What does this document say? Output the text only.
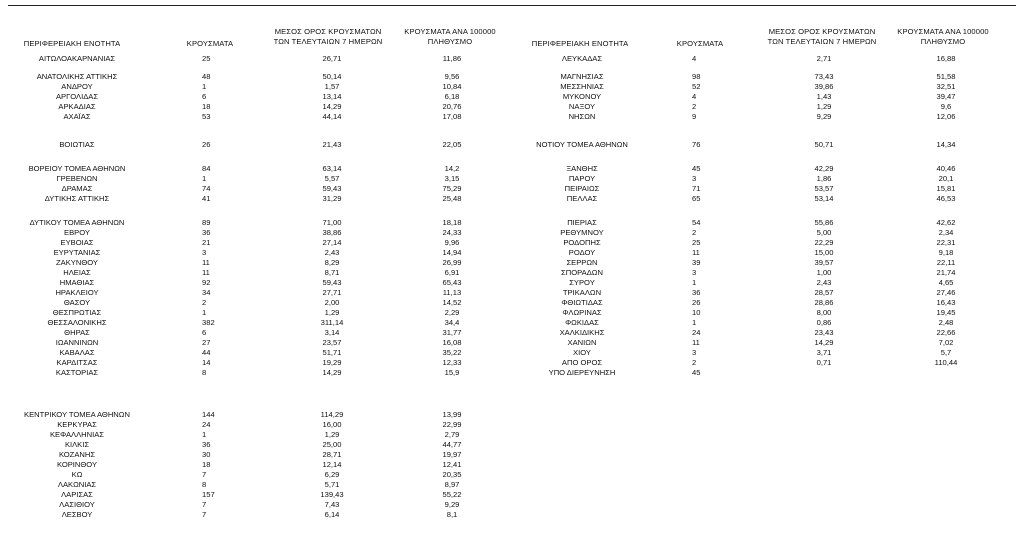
ΠΕΡΙΦΕΡΕΙΑΚΗ ΕΝΟΤΗΤΑ	ΚΡΟΥΣΜΑΤΑ
ΜΕΣΟΣ ΟΡΟΣ ΚΡΟΥΣΜΑΤΩΝ
ΤΩΝ ΤΕΛΕΥΤΑΙΩΝ 7 ΗΜΕΡΩΝ
ΚΡΟΥΣΜΑΤΑ ΑΝΑ 100000
ΠΛΗΘΥΣΜΟ	ΠΕΡΙΦΕΡΕΙΑΚΗ ΕΝΟΤΗΤΑ	ΚΡΟΥΣΜΑΤΑ
ΜΕΣΟΣ ΟΡΟΣ ΚΡΟΥΣΜΑΤΩΝ
ΤΩΝ ΤΕΛΕΥΤΑΙΩΝ 7 ΗΜΕΡΩΝ
ΚΡΟΥΣΜΑΤΑ ΑΝΑ 100000
ΠΛΗΘΥΣΜΟ
ΑΙΤΩΛΟΑΚΑΡΝΑΝΙΑΣ	25	26,71	11,86
ΑΝΑΤΟΛΙΚΗΣ ΑΤΤΙΚΗΣ	48	50,14	9,56
ΑΝΔΡΟΥ	1	1,57	10,84
ΑΡΓΟΛΙΔΑΣ	6	13,14	6,18
ΑΡΚΑΔΙΑΣ	18	14,29	20,76
ΑΧΑΪΑΣ	53	44,14	17,08
ΒΟΙΩΤΙΑΣ	26	21,43	22,05
ΒΟΡΕΙΟΥ ΤΟΜΕΑ ΑΘΗΝΩΝ	84	63,14	14,2
ΓΡΕΒΕΝΩΝ	1	5,57	3,15
ΔΡΑΜΑΣ	74	59,43	75,29
ΔΥΤΙΚΗΣ ΑΤΤΙΚΗΣ	41	31,29	25,48
ΔΥΤΙΚΟΥ ΤΟΜΕΑ ΑΘΗΝΩΝ	89	71,00	18,18
ΕΒΡΟΥ	36	38,86	24,33
ΕΥΒΟΙΑΣ	21	27,14	9,96
ΕΥΡΥΤΑΝΙΑΣ	3	2,43	14,94
ΖΑΚΥΝΘΟΥ	11	8,29	26,99
ΗΛΕΙΑΣ	11	8,71	6,91
ΗΜΑΘΙΑΣ	92	59,43	65,43
ΗΡΑΚΛΕΙΟΥ	34	27,71	11,13
ΘΑΣΟΥ	2	2,00	14,52
ΘΕΣΠΡΩΤΙΑΣ	1	1,29	2,29
ΘΕΣΣΑΛΟΝΙΚΗΣ	382	311,14	34,4
ΘΗΡΑΣ	6	3,14	31,77
ΙΩΑΝΝΙΝΩΝ	27	23,57	16,08
ΚΑΒΑΛΑΣ	44	51,71	35,22
ΚΑΡΔΙΤΣΑΣ	14	19,29	12,33
ΚΑΣΤΟΡΙΑΣ	8	14,29	15,9
ΚΕΝΤΡΙΚΟΥ ΤΟΜΕΑ ΑΘΗΝΩΝ	144	114,29	13,99
ΚΕΡΚΥΡΑΣ	24	16,00	22,99
ΚΕΦΑΛΛΗΝΙΑΣ	1	1,29	2,79
ΚΙΛΚΙΣ	36	25,00	44,77
ΚΟΖΑΝΗΣ	30	28,71	19,97
ΚΟΡΙΝΘΟΥ	18	12,14	12,41
ΚΩ	7	6,29	20,35
ΛΑΚΩΝΙΑΣ	8	5,71	8,97
ΛΑΡΙΣΑΣ	157	139,43	55,22
ΛΑΣΙΘΙΟΥ	7	7,43	9,29
ΛΕΣΒΟΥ	7	6,14	8,1
ΛΕΥΚΑΔΑΣ	4	2,71	16,88
ΜΑΓΝΗΣΙΑΣ	98	73,43	51,58
ΜΕΣΣΗΝΙΑΣ	52	39,86	32,51
ΜΥΚΟΝΟΥ	4	1,43	39,47
ΝΑΞΟΥ	2	1,29	9,6
ΝΗΣΩΝ	9	9,29	12,06
ΝΟΤΙΟΥ ΤΟΜΕΑ ΑΘΗΝΩΝ	76	50,71	14,34
ΞΑΝΘΗΣ	45	42,29	40,46
ΠΑΡΟΥ	3	1,86	20,1
ΠΕΙΡΑΙΩΣ	71	53,57	15,81
ΠΕΛΛΑΣ	65	53,14	46,53
ΠΙΕΡΙΑΣ	54	55,86	42,62
ΡΕΘΥΜΝΟΥ	2	5,00	2,34
ΡΟΔΟΠΗΣ	25	22,29	22,31
ΡΟΔΟΥ	11	15,00	9,18
ΣΕΡΡΩΝ	39	39,57	22,11
ΣΠΟΡΑΔΩΝ	3	1,00	21,74
ΣΥΡΟΥ	1	2,43	4,65
ΤΡΙΚΑΛΩΝ	36	28,57	27,46
ΦΘΙΩΤΙΔΑΣ	26	28,86	16,43
ΦΛΩΡΙΝΑΣ	10	8,00	19,45
ΦΩΚΙΔΑΣ	1	0,86	2,48
ΧΑΛΚΙΔΙΚΗΣ	24	23,43	22,66
ΧΑΝΙΩΝ	11	14,29	7,02
ΧΙΟΥ	3	3,71	5,7
ΑΠΟ ΟΡΟΣ	2	0,71	110,44
ΥΠΟ ΔΙΕΡΕΥΝΗΣΗ	45
